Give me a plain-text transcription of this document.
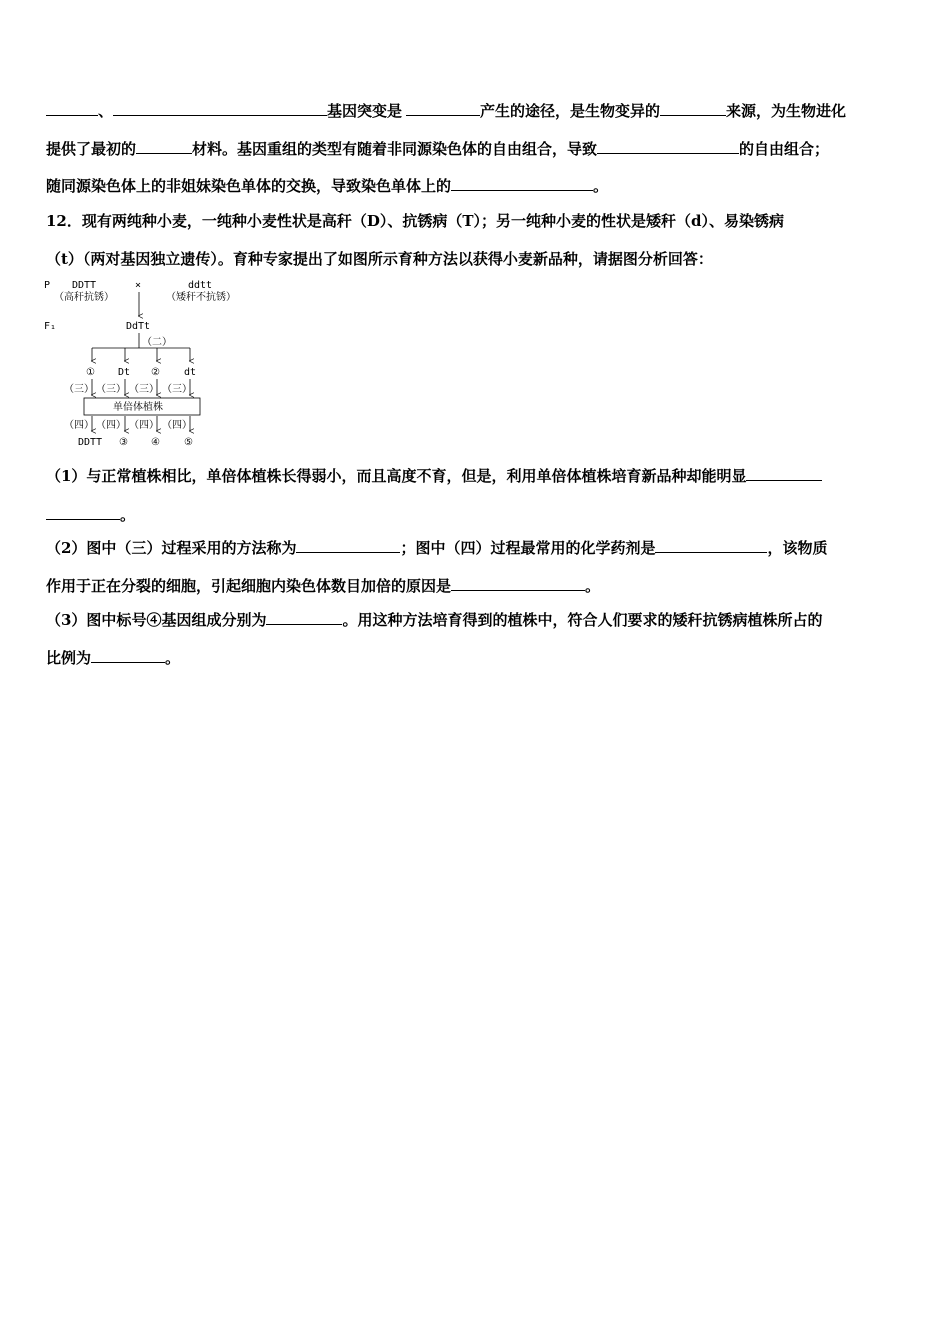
、	基因突变是	产生的途径，是生物变异的	来源，为生物进化
提供了最初的	材料。基因重组的类型有随着非同源染色体的自由组合，导致	的自由组合；
随同源染色体上的非姐妹染色单体的交换，导致染色单体上的	。
12．现有两纯种小麦，一纯种小麦性状是高秆（D）、抗锈病（T）；另一纯种小麦的性状是矮秆（d）、易染锈病
（t）（两对基因独立遗传）。育种专家提出了如图所示育种方法以获得小麦新品种，请据图分析回答：
P DDTT
（高秆抗锈）
×	ddtt
（矮秆不抗锈）
F₁	DdTt
（二）
① Dt ② dt
（三） （三） （三） （三）
单倍体植株
（四） （四） （四） （四）
DDTT ③ ④ ⑤
（1）与正常植株相比，单倍体植株长得弱小，而且高度不育，但是，利用单倍体植株培育新品种却能明显
。
（2）图中（三）过程采用的方法称为	；图中（四）过程最常用的化学药剂是	，该物质
作用于正在分裂的细胞，引起细胞内染色体数目加倍的原因是	。
（3）图中标号④基因组成分别为	。用这种方法培育得到的植株中，符合人们要求的矮秆抗锈病植株所占的
比例为	。
